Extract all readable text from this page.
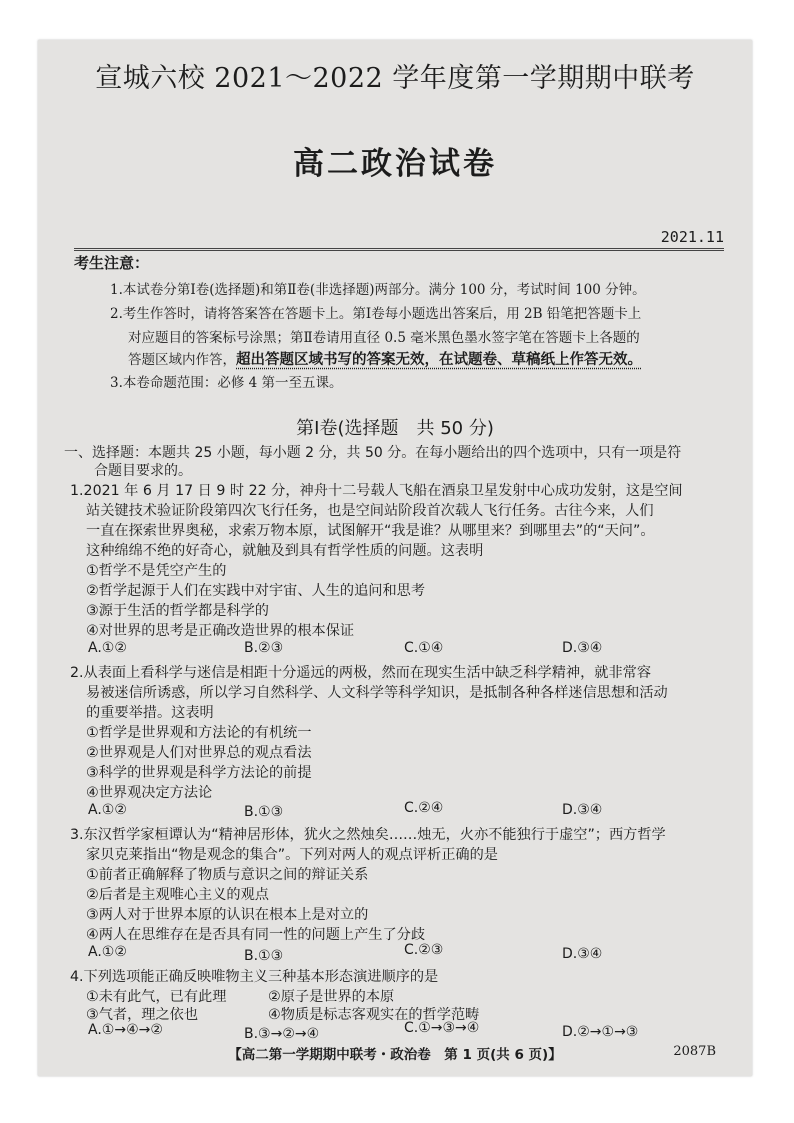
宣城六校 2021～2022 学年度第一学期期中联考
高二政治试卷
2021.11
考生注意：
1.本试卷分第Ⅰ卷(选择题)和第Ⅱ卷(非选择题)两部分。满分 100 分，考试时间 100 分钟。
2.考生作答时，请将答案答在答题卡上。第Ⅰ卷每小题选出答案后，用 2B 铅笔把答题卡上
对应题目的答案标号涂黑；第Ⅱ卷请用直径 0.5 毫米黑色墨水签字笔在答题卡上各题的
答题区域内作答，超出答题区域书写的答案无效，在试题卷、草稿纸上作答无效。
3.本卷命题范围：必修 4 第一至五课。
第Ⅰ卷(选择题　共 50 分)
一、选择题：本题共 25 小题，每小题 2 分，共 50 分。在每小题给出的四个选项中，只有一项是符
合题目要求的。
1.2021 年 6 月 17 日 9 时 22 分，神舟十二号载人飞船在酒泉卫星发射中心成功发射，这是空间
站关键技术验证阶段第四次飞行任务，也是空间站阶段首次载人飞行任务。古往今来，人们
一直在探索世界奥秘，求索万物本原，试图解开“我是谁？从哪里来？到哪里去”的“天问”。
这种绵绵不绝的好奇心，就触及到具有哲学性质的问题。这表明
①哲学不是凭空产生的
②哲学起源于人们在实践中对宇宙、人生的追问和思考
③源于生活的哲学都是科学的
④对世界的思考是正确改造世界的根本保证
A.①②	B.②③	C.①④	D.③④
2.从表面上看科学与迷信是相距十分遥远的两极，然而在现实生活中缺乏科学精神，就非常容
易被迷信所诱惑，所以学习自然科学、人文科学等科学知识，是抵制各种各样迷信思想和活动
的重要举措。这表明
①哲学是世界观和方法论的有机统一
②世界观是人们对世界总的观点看法
③科学的世界观是科学方法论的前提
④世界观决定方法论
A.①②	B.①③	C.②④	D.③④
3.东汉哲学家桓谭认为“精神居形体，犹火之然烛矣……烛无，火亦不能独行于虚空”；西方哲学
家贝克莱指出“物是观念的集合”。下列对两人的观点评析正确的是
①前者正确解释了物质与意识之间的辩证关系
②后者是主观唯心主义的观点
③两人对于世界本原的认识在根本上是对立的
④两人在思维存在是否具有同一性的问题上产生了分歧
A.①②	B.①③	C.②③	D.③④
4.下列选项能正确反映唯物主义三种基本形态演进顺序的是
①未有此气，已有此理	②原子是世界的本原
③气者，理之依也	④物质是标志客观实在的哲学范畴
A.①→④→②	B.③→②→④	C.①→③→④	D.②→①→③
【高二第一学期期中联考・政治卷　第 1 页(共 6 页)】	2087B
